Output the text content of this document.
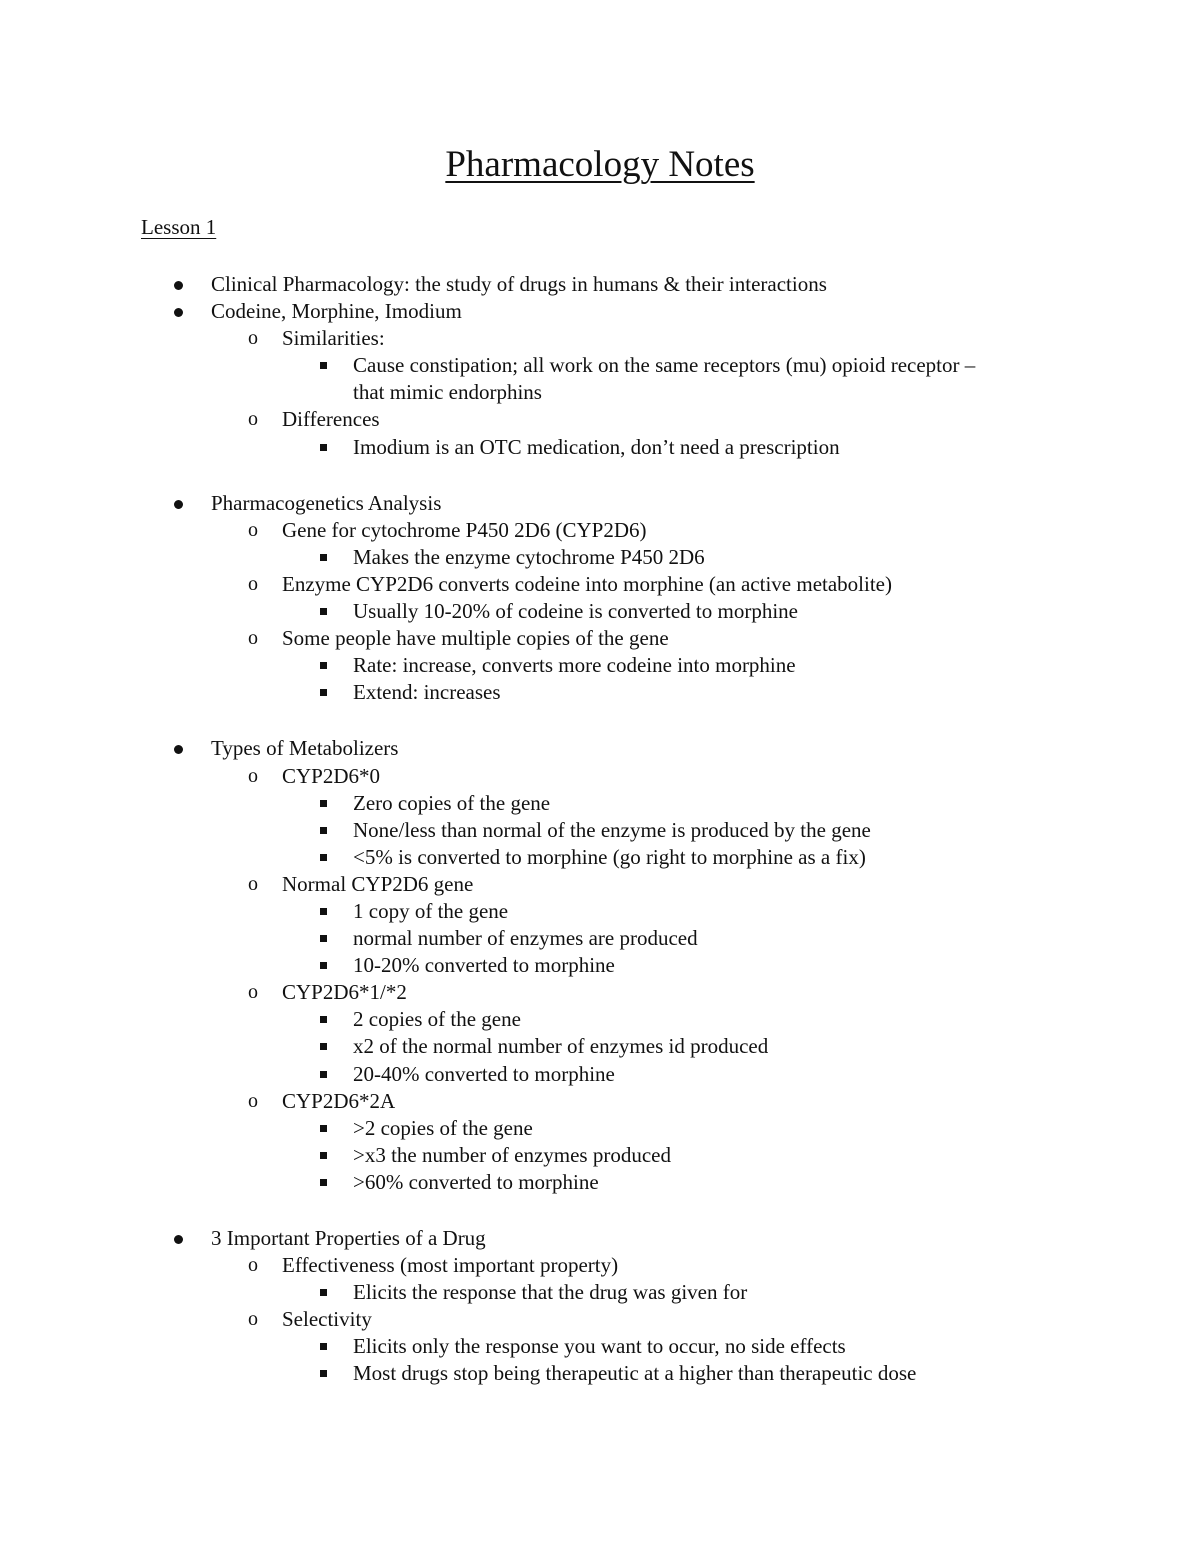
Pharmacology Notes
Lesson 1
Clinical Pharmacology: the study of drugs in humans & their interactions
Codeine, Morphine, Imodium
o Similarities:
Cause constipation; all work on the same receptors (mu) opioid receptor –
that mimic endorphins
o Differences
Imodium is an OTC medication, don’t need a prescription
Pharmacogenetics Analysis
o Gene for cytochrome P450 2D6 (CYP2D6)
Makes the enzyme cytochrome P450 2D6
o Enzyme CYP2D6 converts codeine into morphine (an active metabolite)
Usually 10-20% of codeine is converted to morphine
o Some people have multiple copies of the gene
Rate: increase, converts more codeine into morphine
Extend: increases
Types of Metabolizers
o CYP2D6*0
Zero copies of the gene
None/less than normal of the enzyme is produced by the gene
<5% is converted to morphine (go right to morphine as a fix)
o Normal CYP2D6 gene
1 copy of the gene
normal number of enzymes are produced
10-20% converted to morphine
o CYP2D6*1/*2
2 copies of the gene
x2 of the normal number of enzymes id produced
20-40% converted to morphine
o CYP2D6*2A
>2 copies of the gene
>x3 the number of enzymes produced
>60% converted to morphine
3 Important Properties of a Drug
o Effectiveness (most important property)
Elicits the response that the drug was given for
o Selectivity
Elicits only the response you want to occur, no side effects
Most drugs stop being therapeutic at a higher than therapeutic dose
